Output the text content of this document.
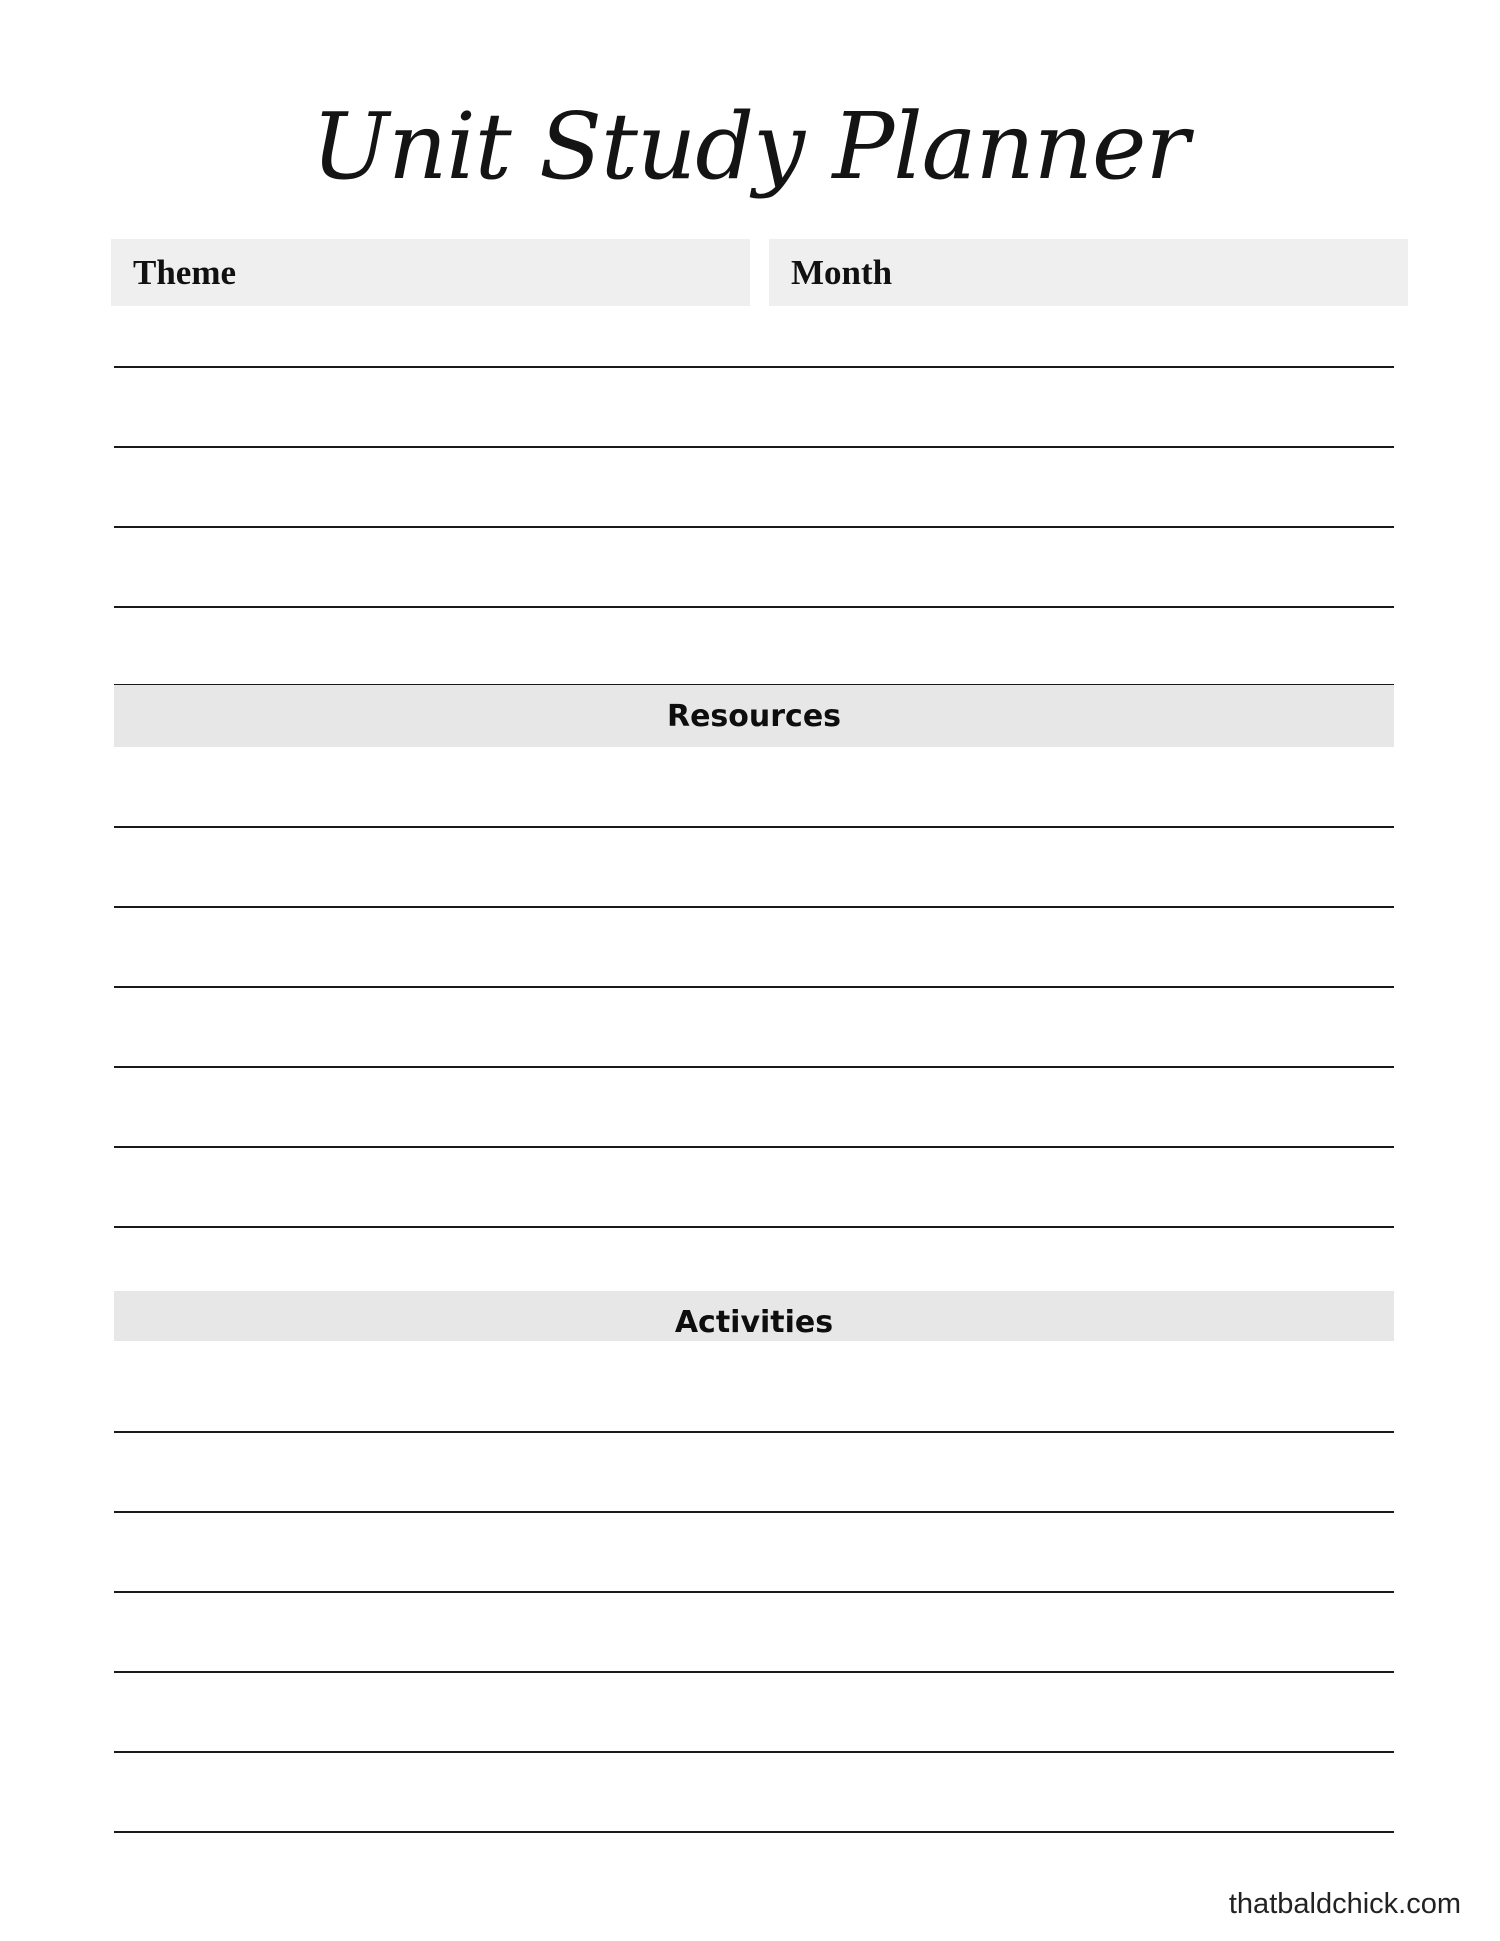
Unit Study Planner
Theme	Month
Resources
Activities
thatbaldchick.com
